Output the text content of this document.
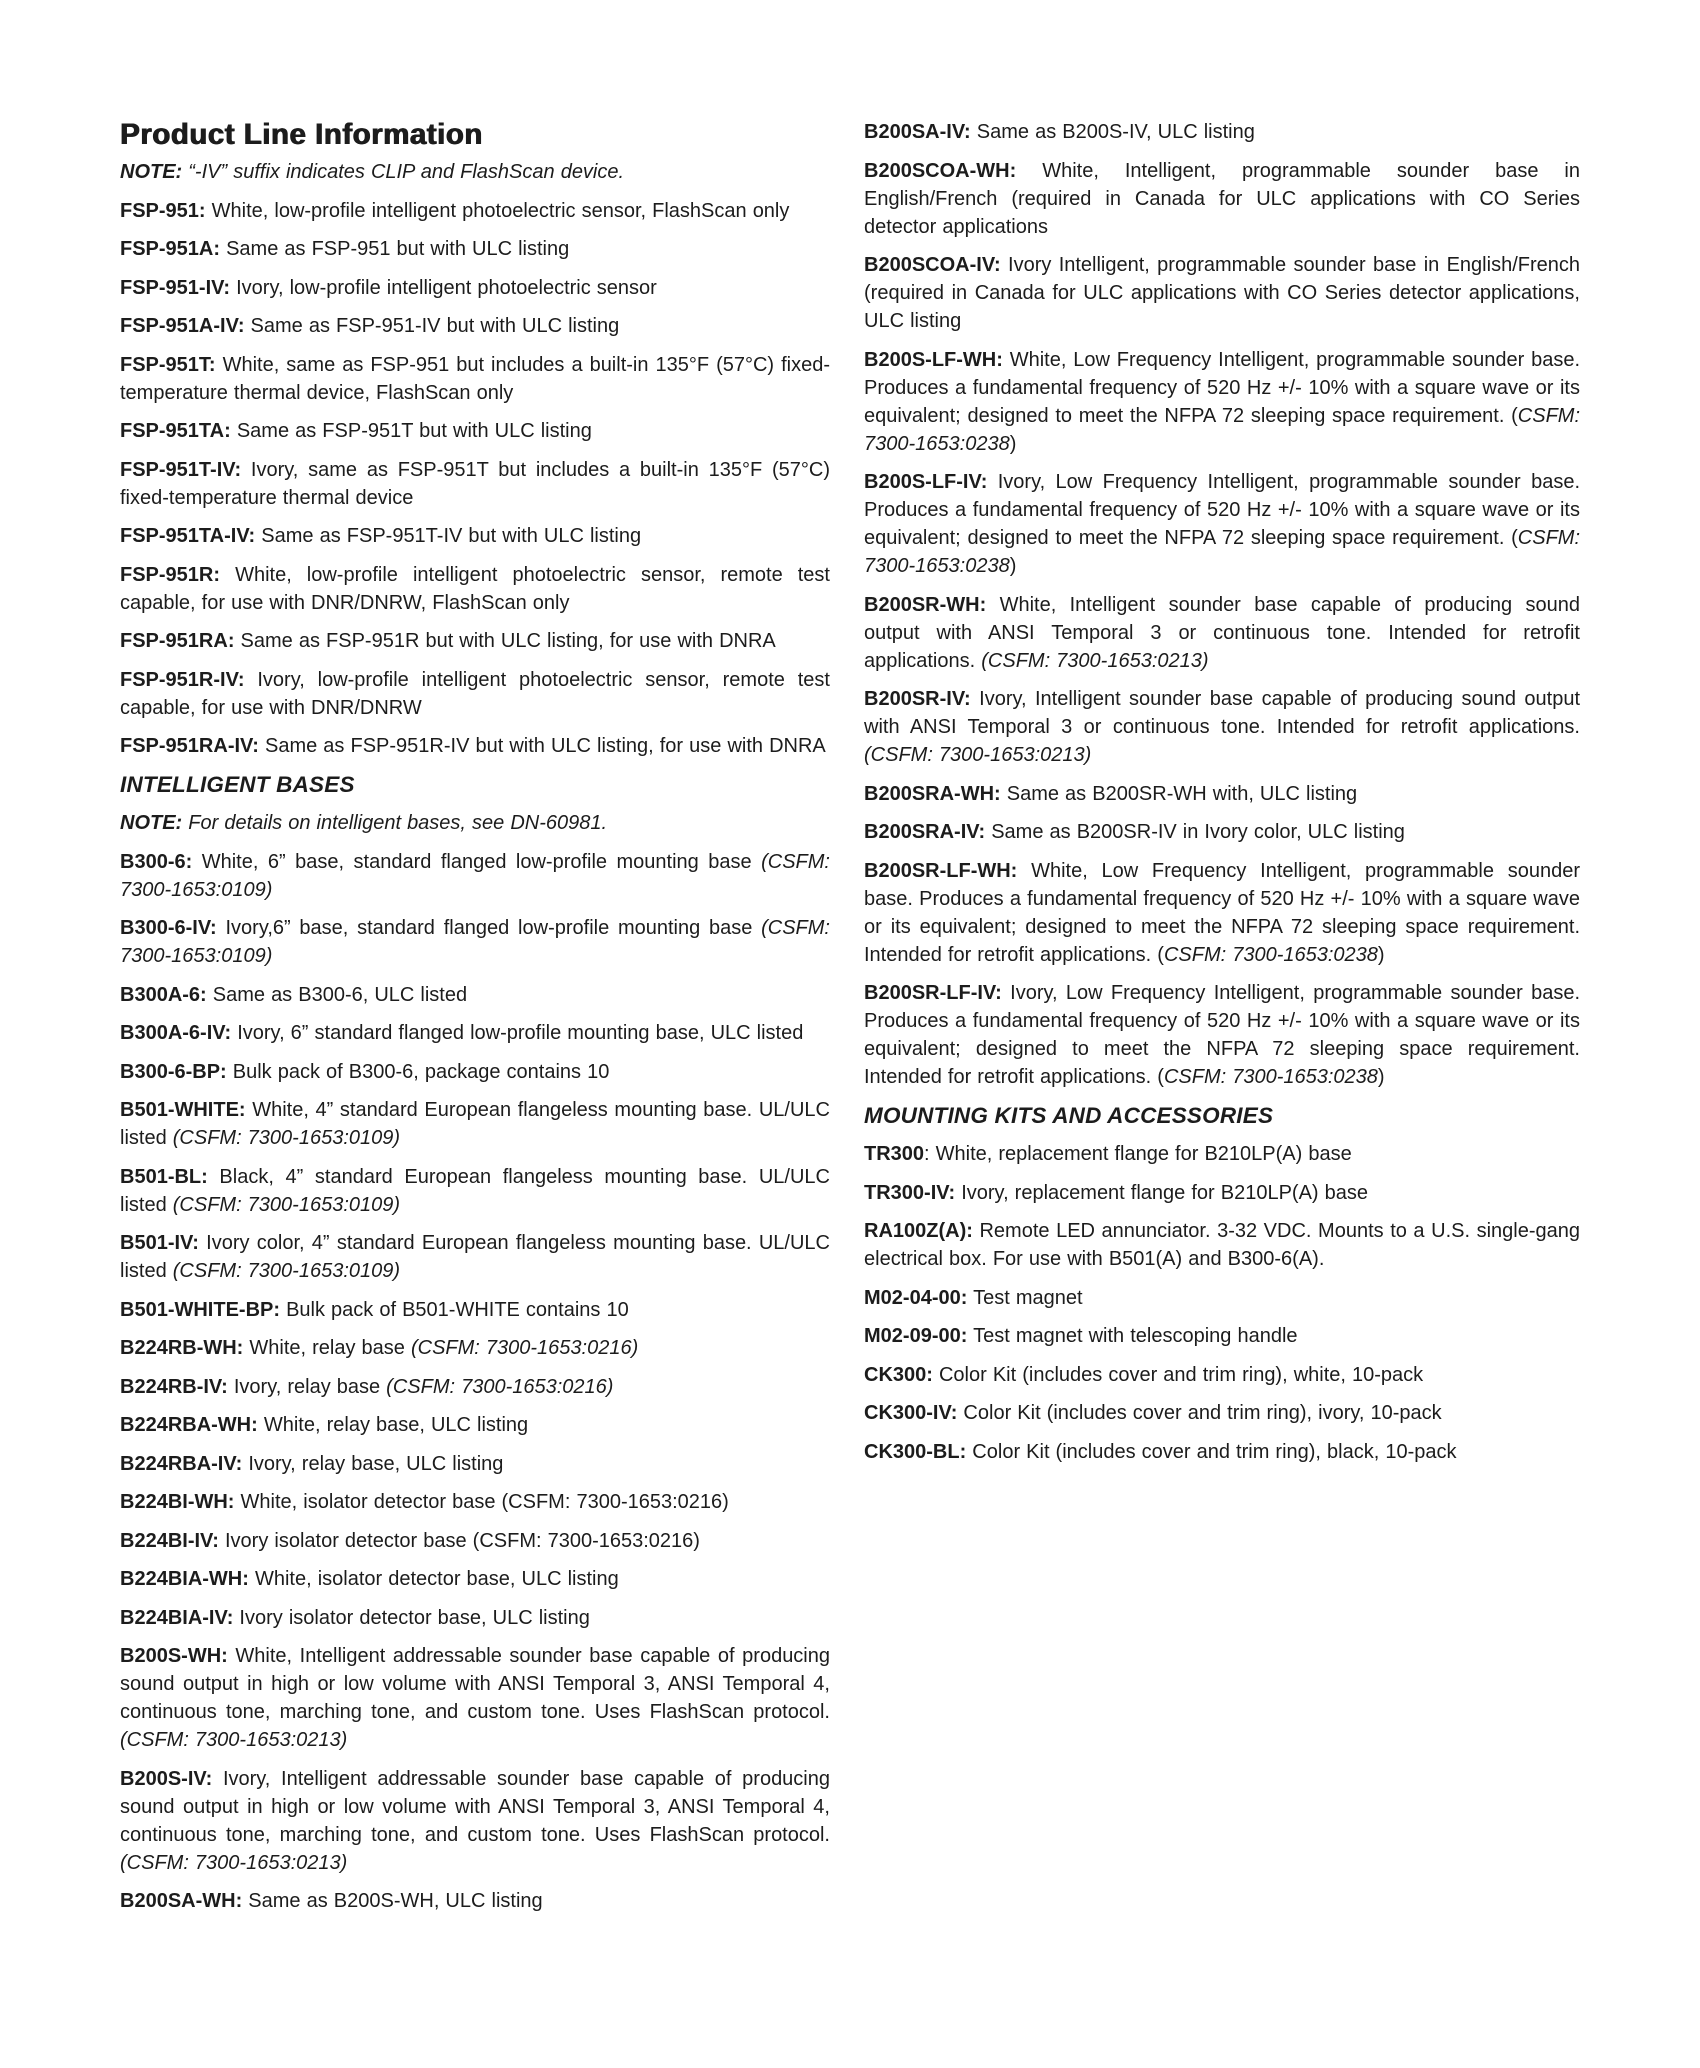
Product Line Information

NOTE: “-IV” suffix indicates CLIP and FlashScan device.

FSP-951: White, low-profile intelligent photoelectric sensor, FlashScan only

FSP-951A: Same as FSP-951 but with ULC listing

FSP-951-IV: Ivory, low-profile intelligent photoelectric sensor

FSP-951A-IV: Same as FSP-951-IV but with ULC listing

FSP-951T: White, same as FSP-951 but includes a built-in 135°F (57°C) fixed-temperature thermal device, FlashScan only

FSP-951TA: Same as FSP-951T but with ULC listing

FSP-951T-IV: Ivory, same as FSP-951T but includes a built-in 135°F (57°C) fixed-temperature thermal device

FSP-951TA-IV: Same as FSP-951T-IV but with ULC listing

FSP-951R: White, low-profile intelligent photoelectric sensor, remote test capable, for use with DNR/DNRW, FlashScan only

FSP-951RA: Same as FSP-951R but with ULC listing, for use with DNRA

FSP-951R-IV: Ivory, low-profile intelligent photoelectric sensor, remote test capable, for use with DNR/DNRW

FSP-951RA-IV: Same as FSP-951R-IV but with ULC listing, for use with DNRA

INTELLIGENT BASES

NOTE: For details on intelligent bases, see DN-60981.

B300-6: White, 6” base, standard flanged low-profile mounting base (CSFM: 7300-1653:0109)

B300-6-IV: Ivory,6” base, standard flanged low-profile mounting base (CSFM: 7300-1653:0109)

B300A-6: Same as B300-6, ULC listed

B300A-6-IV: Ivory, 6” standard flanged low-profile mounting base, ULC listed

B300-6-BP: Bulk pack of B300-6, package contains 10

B501-WHITE: White, 4” standard European flangeless mounting base. UL/ULC listed (CSFM: 7300-1653:0109)

B501-BL: Black, 4” standard European flangeless mounting base. UL/ULC listed (CSFM: 7300-1653:0109)

B501-IV: Ivory color, 4” standard European flangeless mounting base. UL/ULC listed (CSFM: 7300-1653:0109)

B501-WHITE-BP: Bulk pack of B501-WHITE contains 10

B224RB-WH: White, relay base (CSFM: 7300-1653:0216)

B224RB-IV: Ivory, relay base (CSFM: 7300-1653:0216)

B224RBA-WH: White, relay base, ULC listing

B224RBA-IV: Ivory, relay base, ULC listing

B224BI-WH: White, isolator detector base (CSFM: 7300-1653:0216)

B224BI-IV: Ivory isolator detector base (CSFM: 7300-1653:0216)

B224BIA-WH: White, isolator detector base, ULC listing

B224BIA-IV: Ivory isolator detector base, ULC listing

B200S-WH: White, Intelligent addressable sounder base capable of producing sound output in high or low volume with ANSI Temporal 3, ANSI Temporal 4, continuous tone, marching tone, and custom tone. Uses FlashScan protocol. (CSFM: 7300-1653:0213)

B200S-IV: Ivory, Intelligent addressable sounder base capable of producing sound output in high or low volume with ANSI Temporal 3, ANSI Temporal 4, continuous tone, marching tone, and custom tone. Uses FlashScan protocol. (CSFM: 7300-1653:0213)

B200SA-WH: Same as B200S-WH, ULC listing

B200SA-IV: Same as B200S-IV, ULC listing

B200SCOA-WH: White, Intelligent, programmable sounder base in English/French (required in Canada for ULC applications with CO Series detector applications

B200SCOA-IV: Ivory Intelligent, programmable sounder base in English/French (required in Canada for ULC applications with CO Series detector applications, ULC listing

B200S-LF-WH: White, Low Frequency Intelligent, programmable sounder base. Produces a fundamental frequency of 520 Hz +/- 10% with a square wave or its equivalent; designed to meet the NFPA 72 sleeping space requirement. (CSFM: 7300-1653:0238)

B200S-LF-IV: Ivory, Low Frequency Intelligent, programmable sounder base. Produces a fundamental frequency of 520 Hz +/- 10% with a square wave or its equivalent; designed to meet the NFPA 72 sleeping space requirement. (CSFM: 7300-1653:0238)

B200SR-WH: White, Intelligent sounder base capable of producing sound output with ANSI Temporal 3 or continuous tone. Intended for retrofit applications. (CSFM: 7300-1653:0213)

B200SR-IV: Ivory, Intelligent sounder base capable of producing sound output with ANSI Temporal 3 or continuous tone. Intended for retrofit applications. (CSFM: 7300-1653:0213)

B200SRA-WH: Same as B200SR-WH with, ULC listing

B200SRA-IV: Same as B200SR-IV in Ivory color, ULC listing

B200SR-LF-WH: White, Low Frequency Intelligent, programmable sounder base. Produces a fundamental frequency of 520 Hz +/- 10% with a square wave or its equivalent; designed to meet the NFPA 72 sleeping space requirement. Intended for retrofit applications. (CSFM: 7300-1653:0238)

B200SR-LF-IV: Ivory, Low Frequency Intelligent, programmable sounder base. Produces a fundamental frequency of 520 Hz +/- 10% with a square wave or its equivalent; designed to meet the NFPA 72 sleeping space requirement. Intended for retrofit applications. (CSFM: 7300-1653:0238)

MOUNTING KITS AND ACCESSORIES

TR300: White, replacement flange for B210LP(A) base

TR300-IV: Ivory, replacement flange for B210LP(A) base

RA100Z(A): Remote LED annunciator. 3-32 VDC. Mounts to a U.S. single-gang electrical box. For use with B501(A) and B300-6(A).

M02-04-00: Test magnet

M02-09-00: Test magnet with telescoping handle

CK300: Color Kit (includes cover and trim ring), white, 10-pack

CK300-IV: Color Kit (includes cover and trim ring), ivory, 10-pack

CK300-BL: Color Kit (includes cover and trim ring), black, 10-pack
